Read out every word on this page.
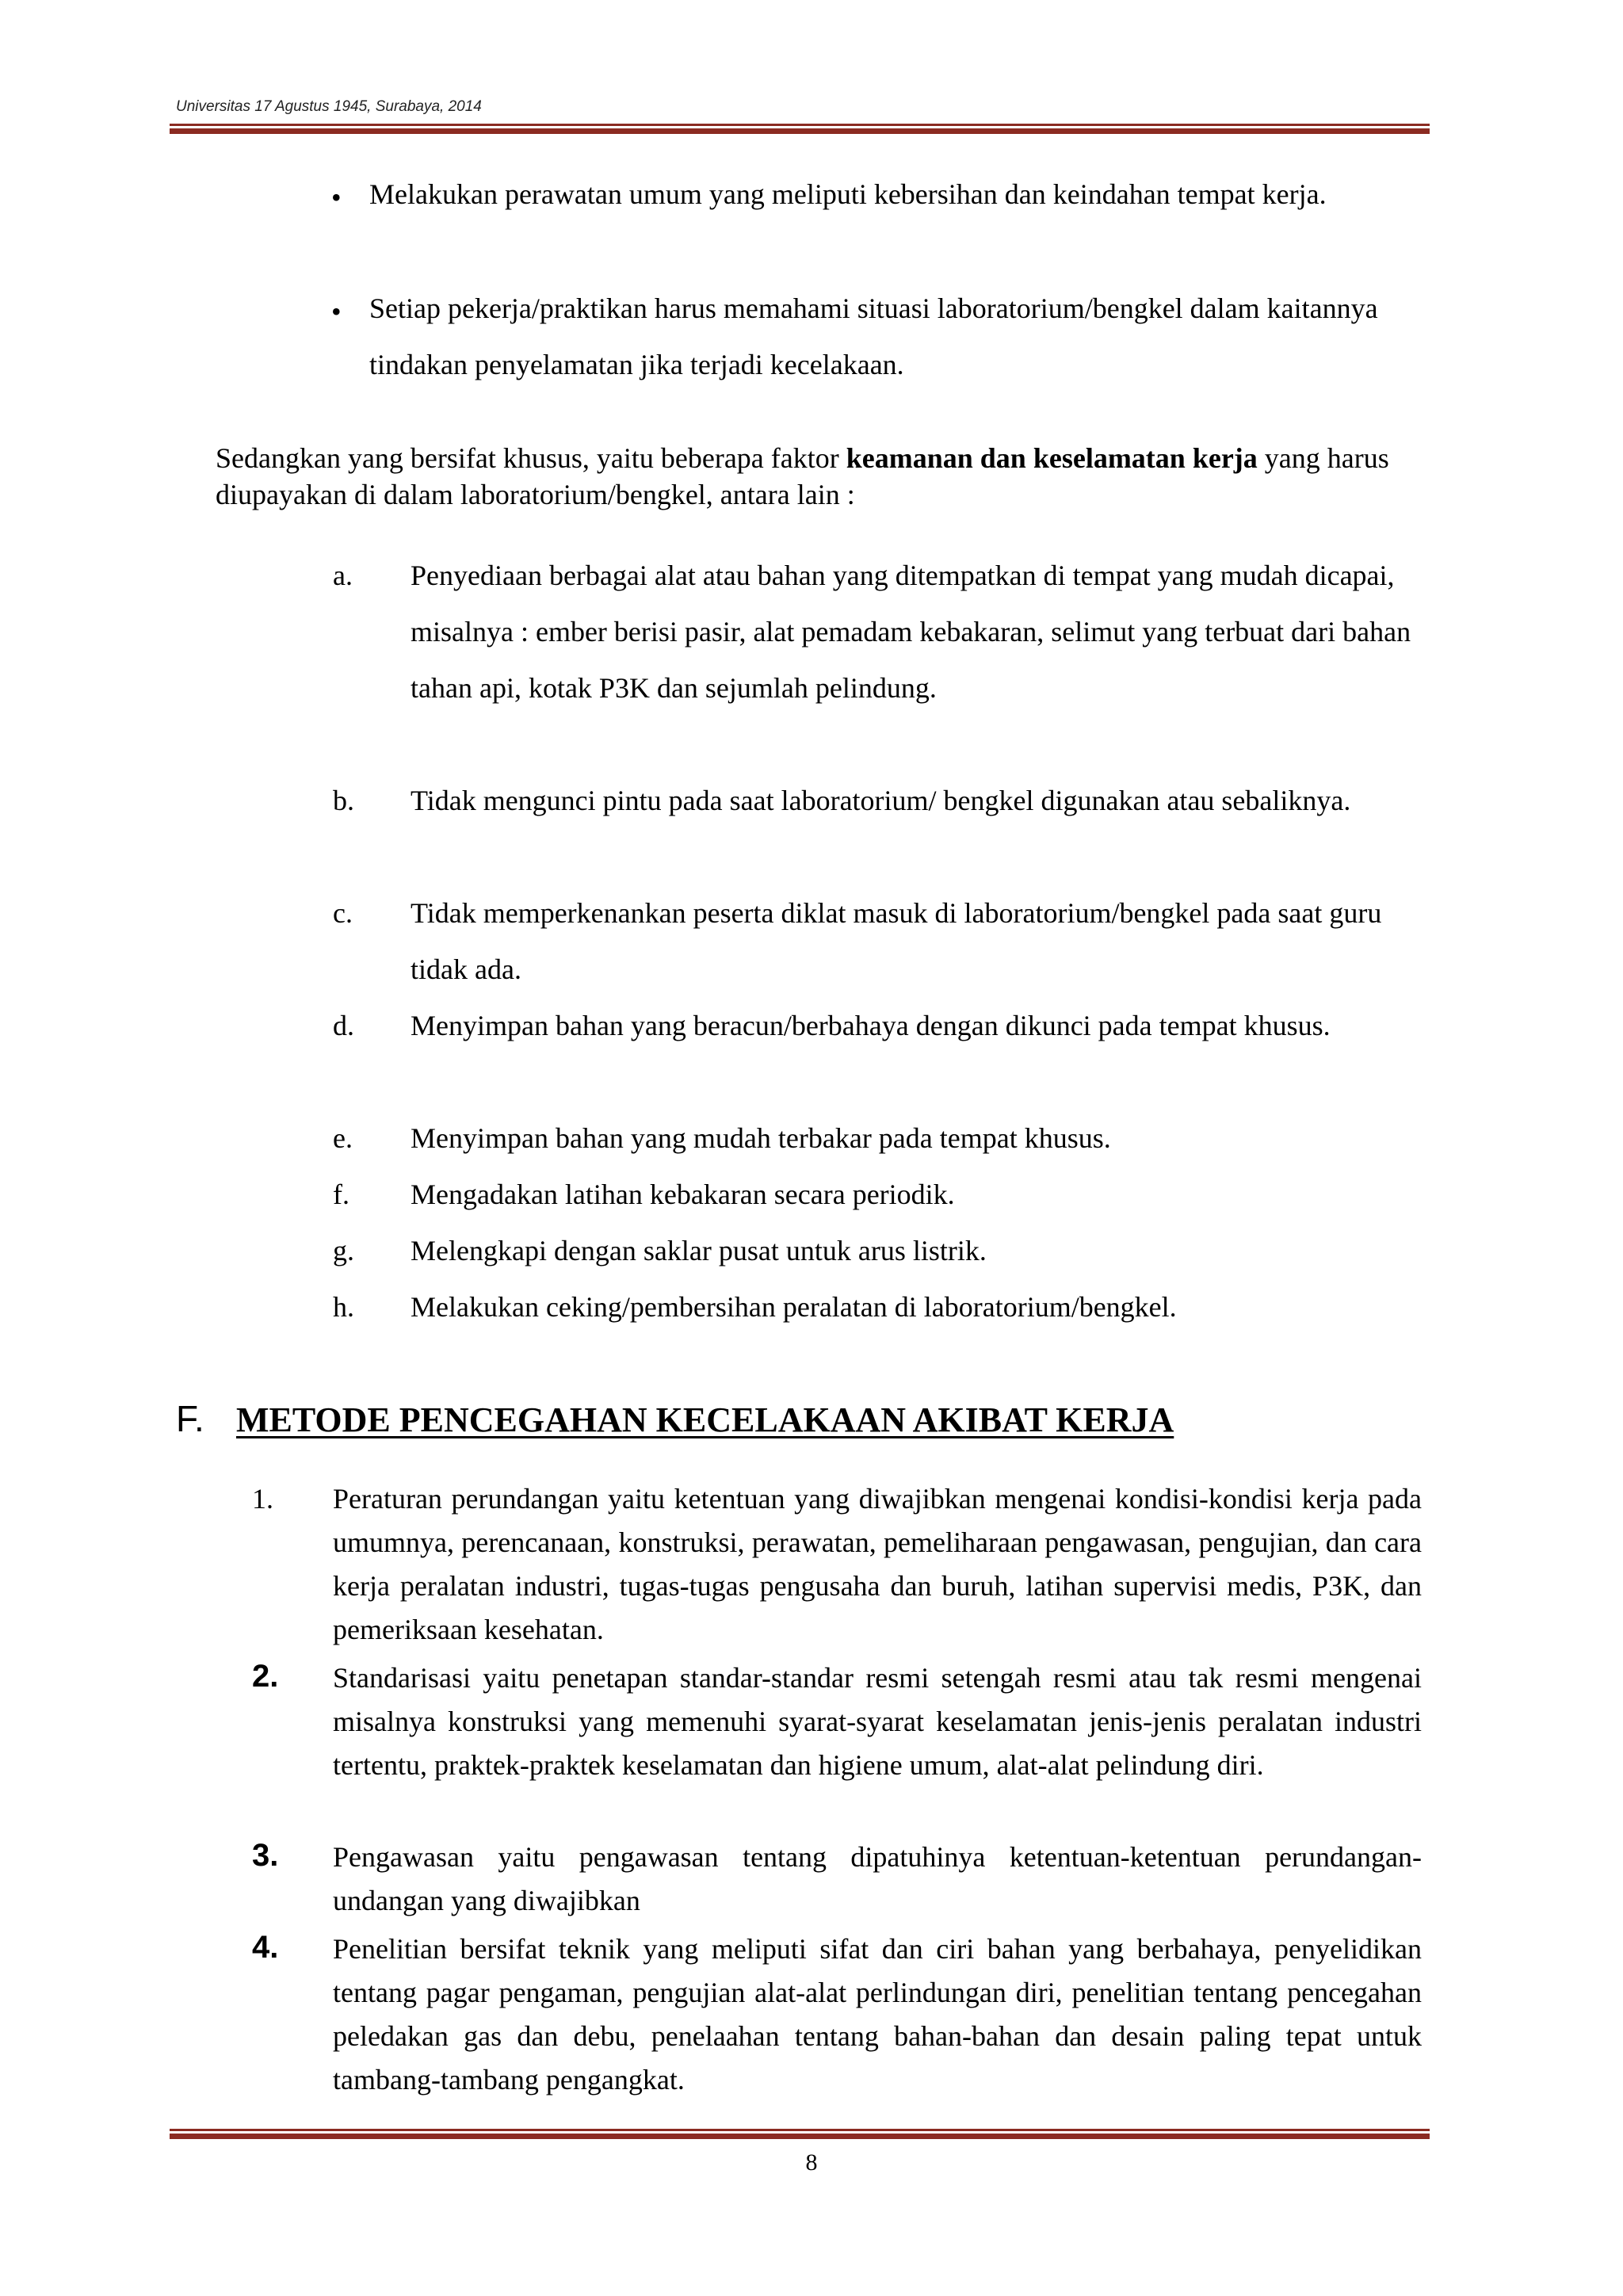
Universitas 17 Agustus 1945, Surabaya, 2014
• Melakukan perawatan umum yang meliputi kebersihan dan keindahan tempat kerja.
• Setiap pekerja/praktikan harus memahami situasi laboratorium/bengkel dalam kaitannya tindakan penyelamatan jika terjadi kecelakaan.
Sedangkan yang bersifat khusus, yaitu beberapa faktor keamanan dan keselamatan kerja yang harus diupayakan di dalam laboratorium/bengkel, antara lain :
a. Penyediaan berbagai alat atau bahan yang ditempatkan di tempat yang mudah dicapai, misalnya : ember berisi pasir, alat pemadam kebakaran, selimut yang terbuat dari bahan tahan api, kotak P3K dan sejumlah pelindung.
b. Tidak mengunci pintu pada saat laboratorium/ bengkel digunakan atau sebaliknya.
c. Tidak memperkenankan peserta diklat masuk di laboratorium/bengkel pada saat guru tidak ada.
d. Menyimpan bahan yang beracun/berbahaya dengan dikunci pada tempat khusus.
e. Menyimpan bahan yang mudah terbakar pada tempat khusus.
f. Mengadakan latihan kebakaran secara periodik.
g. Melengkapi dengan saklar pusat untuk arus listrik.
h. Melakukan ceking/pembersihan peralatan di laboratorium/bengkel.
F. METODE PENCEGAHAN KECELAKAAN AKIBAT KERJA
1. Peraturan perundangan yaitu ketentuan yang diwajibkan mengenai kondisi-kondisi kerja pada umumnya, perencanaan, konstruksi, perawatan, pemeliharaan pengawasan, pengujian, dan cara kerja peralatan industri, tugas-tugas pengusaha dan buruh, latihan supervisi medis, P3K, dan pemeriksaan kesehatan.
2. Standarisasi yaitu penetapan standar-standar resmi setengah resmi atau tak resmi mengenai misalnya konstruksi yang memenuhi syarat-syarat keselamatan jenis-jenis peralatan industri tertentu, praktek-praktek keselamatan dan higiene umum, alat-alat pelindung diri.
3. Pengawasan yaitu pengawasan tentang dipatuhinya ketentuan-ketentuan perundangan-undangan yang diwajibkan
4. Penelitian bersifat teknik yang meliputi sifat dan ciri bahan yang berbahaya, penyelidikan tentang pagar pengaman, pengujian alat-alat perlindungan diri, penelitian tentang pencegahan peledakan gas dan debu, penelaahan tentang bahan-bahan dan desain paling tepat untuk tambang-tambang pengangkat.
8
